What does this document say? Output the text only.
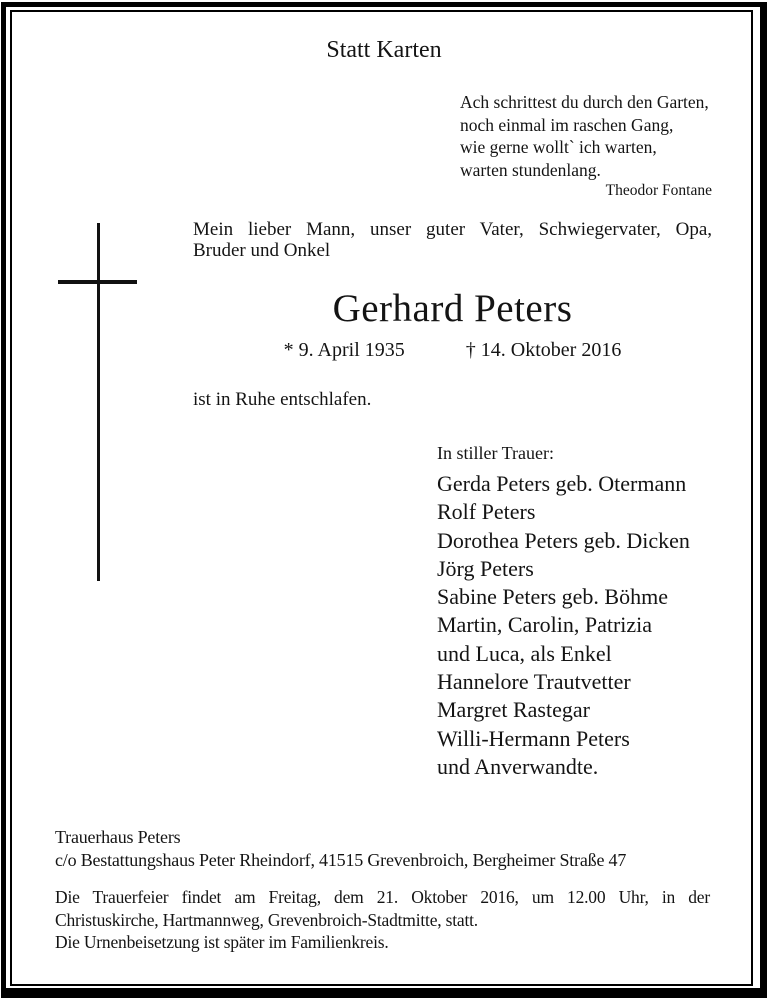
Statt Karten
Ach schrittest du durch den Garten,
noch einmal im raschen Gang,
wie gerne wollt` ich warten,
warten stundenlang.
Theodor Fontane
Mein lieber Mann, unser guter Vater, Schwiegervater, Opa,
Bruder und Onkel
Gerhard Peters
* 9. April 1935	† 14. Oktober 2016
ist in Ruhe entschlafen.
In stiller Trauer:
Gerda Peters geb. Otermann
Rolf Peters
Dorothea Peters geb. Dicken
Jörg Peters
Sabine Peters geb. Böhme
Martin, Carolin, Patrizia
und Luca, als Enkel
Hannelore Trautvetter
Margret Rastegar
Willi-Hermann Peters
und Anverwandte.
Trauerhaus Peters
c/o Bestattungshaus Peter Rheindorf, 41515 Grevenbroich, Bergheimer Straße 47
Die Trauerfeier findet am Freitag, dem 21. Oktober 2016, um 12.00 Uhr, in der
Christuskirche, Hartmannweg, Grevenbroich-Stadtmitte, statt.
Die Urnenbeisetzung ist später im Familienkreis.
